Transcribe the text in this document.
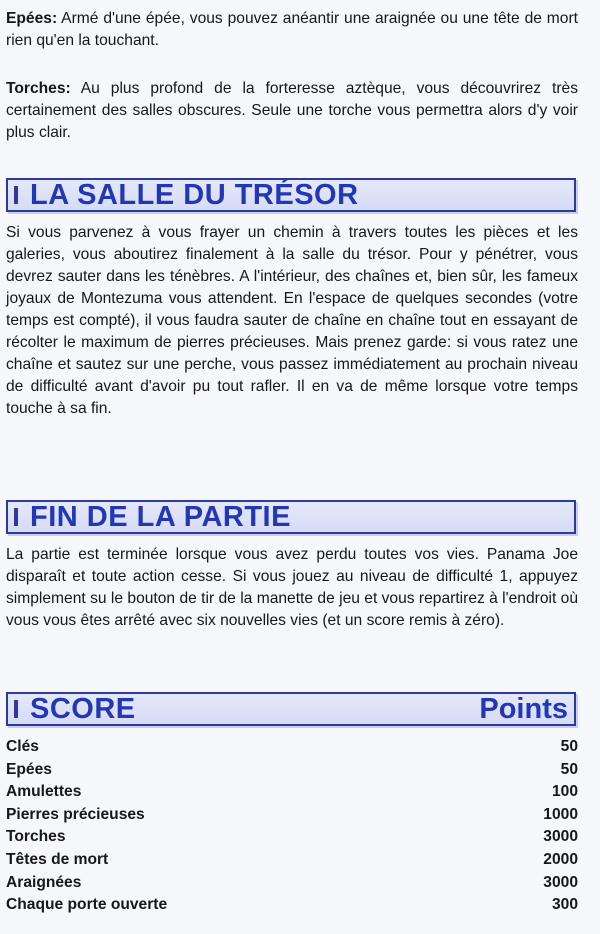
Epées: Armé d'une épée, vous pouvez anéantir une araignée ou une tête de mort rien qu'en la touchant.

Torches: Au plus profond de la forteresse aztèque, vous découvrirez très certainement des salles obscures. Seule une torche vous permettra alors d'y voir plus clair.

LA SALLE DU TRÉSOR

Si vous parvenez à vous frayer un chemin à travers toutes les pièces et les galeries, vous aboutirez finalement à la salle du trésor. Pour y pénétrer, vous devrez sauter dans les ténèbres. A l'intérieur, des chaînes et, bien sûr, les fameux joyaux de Montezuma vous attendent. En l'espace de quelques secondes (votre temps est compté), il vous faudra sauter de chaîne en chaîne tout en essayant de récolter le maximum de pierres précieuses. Mais prenez garde: si vous ratez une chaîne et sautez sur une perche, vous passez immédiatement au prochain niveau de difficulté avant d'avoir pu tout rafler. Il en va de même lorsque votre temps touche à sa fin.

FIN DE LA PARTIE

La partie est terminée lorsque vous avez perdu toutes vos vies. Panama Joe disparaît et toute action cesse. Si vous jouez au niveau de difficulté 1, appuyez simplement su le bouton de tir de la manette de jeu et vous repartirez à l'endroit où vous vous êtes arrêté avec six nouvelles vies (et un score remis à zéro).

SCORE	Points
Clés	50
Epées	50
Amulettes	100
Pierres précieuses	1000
Torches	3000
Têtes de mort	2000
Araignées	3000
Chaque porte ouverte	300
